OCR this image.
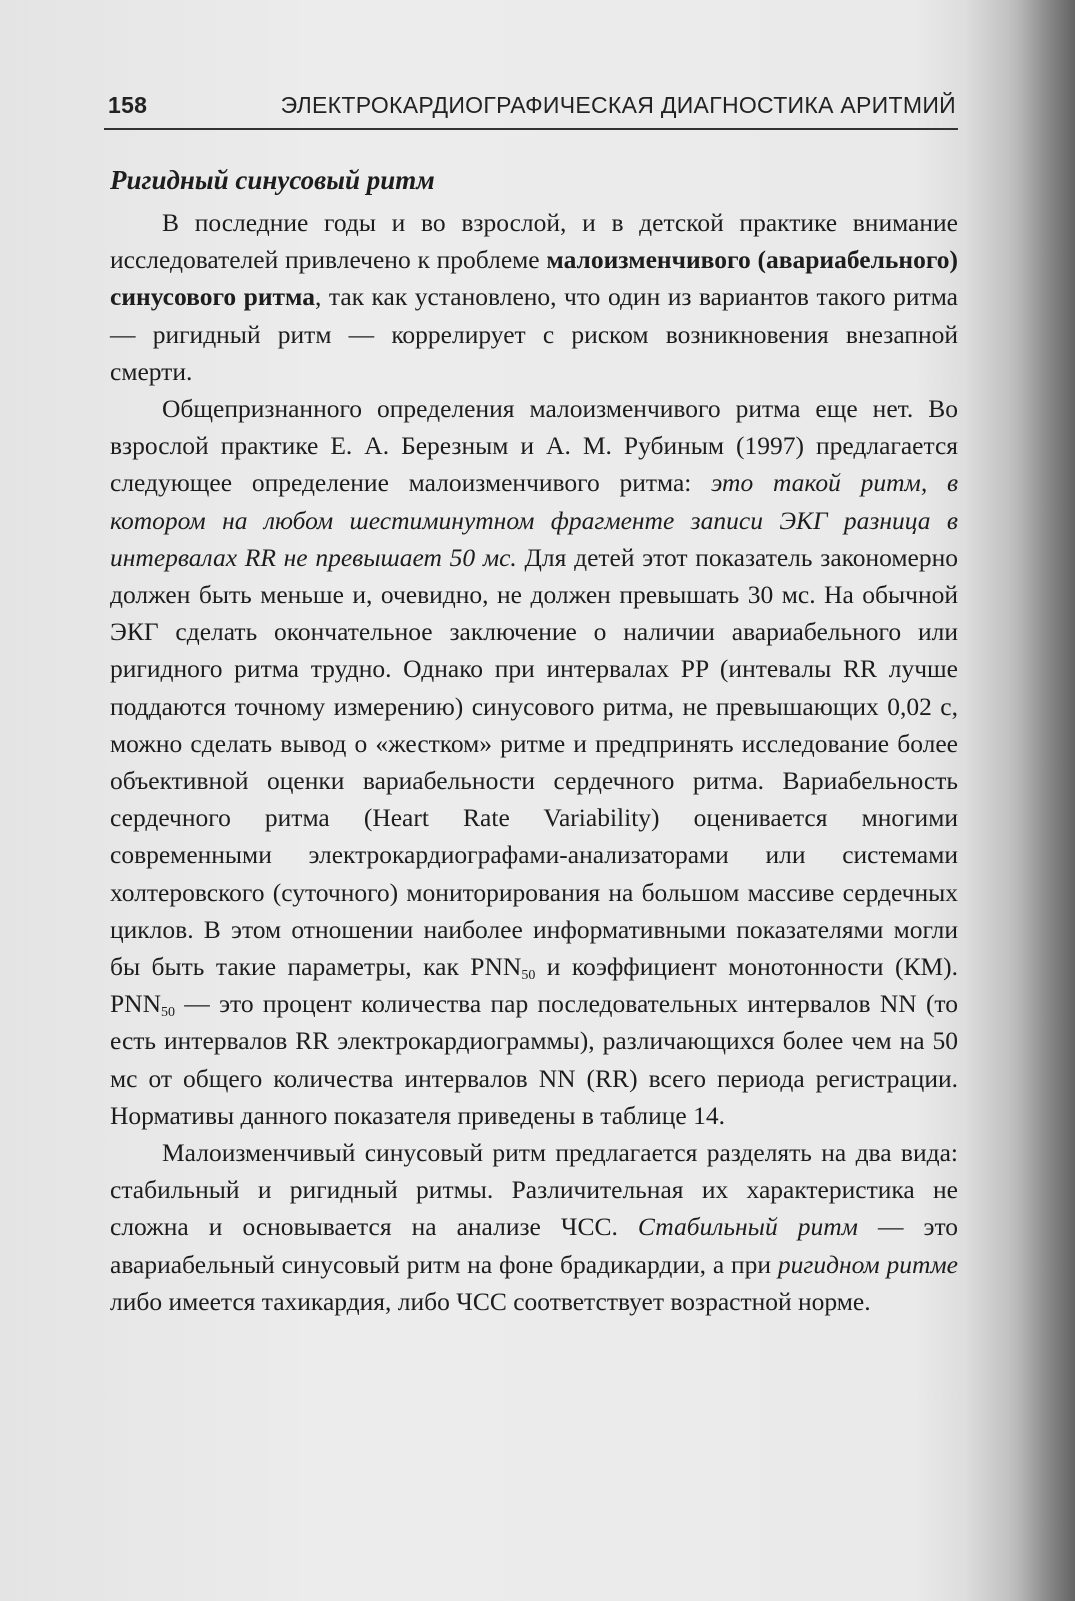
158	ЭЛЕКТРОКАРДИОГРАФИЧЕСКАЯ ДИАГНОСТИКА АРИТМИЙ
Ригидный синусовый ритм

В последние годы и во взрослой, и в детской практике внимание исследователей привлечено к проблеме малоизменчивого (авариабельного) синусового ритма, так как установлено, что один из вариантов такого ритма — ригидный ритм — коррелирует с риском возникновения внезапной смерти.

Общепризнанного определения малоизменчивого ритма еще нет. Во взрослой практике Е. А. Березным и А. М. Рубиным (1997) предлагается следующее определение малоизменчивого ритма: это такой ритм, в котором на любом шестиминутном фрагменте записи ЭКГ разница в интервалах RR не превышает 50 мс. Для детей этот показатель закономерно должен быть меньше и, очевидно, не должен превышать 30 мс. На обычной ЭКГ сделать окончательное заключение о наличии авариабельного или ригидного ритма трудно. Однако при интервалах PP (интевалы RR лучше поддаются точному измерению) синусового ритма, не превышающих 0,02 с, можно сделать вывод о «жестком» ритме и предпринять исследование более объективной оценки вариабельности сердечного ритма. Вариабельность сердечного ритма (Heart Rate Variability) оценивается многими современными электрокардиографами-анализаторами или системами холтеровского (суточного) мониторирования на большом массиве сердечных циклов. В этом отношении наиболее информативными показателями могли бы быть такие параметры, как $PNN_{50}$ и коэффициент монотонности (КМ). $PNN_{50}$ — это процент количества пар последовательных интервалов NN (то есть интервалов RR электрокардиограммы), различающихся более чем на 50 мс от общего количества интервалов NN (RR) всего периода регистрации. Нормативы данного показателя приведены в таблице 14.

Малоизменчивый синусовый ритм предлагается разделять на два вида: стабильный и ригидный ритмы. Различительная их характеристика не сложна и основывается на анализе ЧСС. Стабильный ритм — это авариабельный синусовый ритм на фоне брадикардии, а при ригидном ритме либо имеется тахикардия, либо ЧСС соответствует возрастной норме.
